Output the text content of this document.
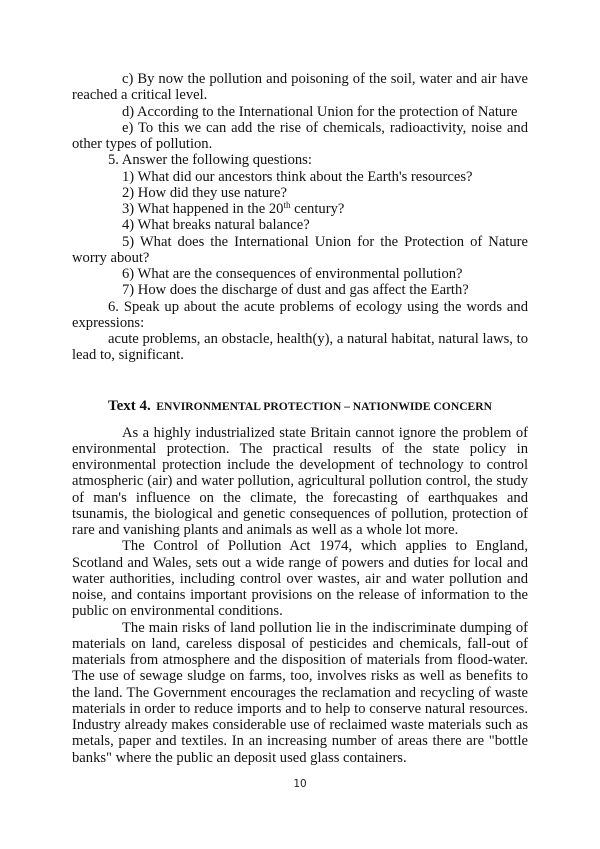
c) By now the pollution and poisoning of the soil, water and air have reached a critical level.

d) According to the International Union for the protection of Nature

e) To this we can add the rise of chemicals, radioactivity, noise and other types of pollution.

5. Answer the following questions:

1) What did our ancestors think about the Earth's resources?

2) How did they use nature?

3) What happened in the 20th century?

4) What breaks natural balance?

5) What does the International Union for the Protection of Nature worry about?

6) What are the consequences of environmental pollution?

7) How does the discharge of dust and gas affect the Earth?

6. Speak up about the acute problems of ecology using the words and expressions:

acute problems, an obstacle, health(y), a natural habitat, natural laws, to lead to, significant.

Text 4. ENVIRONMENTAL PROTECTION – NATIONWIDE CONCERN

As a highly industrialized state Britain cannot ignore the problem of environmental protection. The practical results of the state policy in environmental protection include the development of technology to control atmospheric (air) and water pollution, agricultural pollution control, the study of man's influence on the climate, the forecasting of earthquakes and tsunamis, the biological and genetic consequences of pollution, protection of rare and vanishing plants and animals as well as a whole lot more.

The Control of Pollution Act 1974, which applies to England, Scotland and Wales, sets out a wide range of powers and duties for local and water authorities, including control over wastes, air and water pollution and noise, and contains important provisions on the release of information to the public on environmental conditions.

The main risks of land pollution lie in the indiscriminate dumping of materials on land, careless disposal of pesticides and chemicals, fall-out of materials from atmosphere and the disposition of materials from flood-water. The use of sewage sludge on farms, too, involves risks as well as benefits to the land. The Government encourages the reclamation and recycling of waste materials in order to reduce imports and to help to conserve natural resources. Industry already makes considerable use of reclaimed waste materials such as metals, paper and textiles. In an increasing number of areas there are "bottle banks" where the public an deposit used glass containers.

10
